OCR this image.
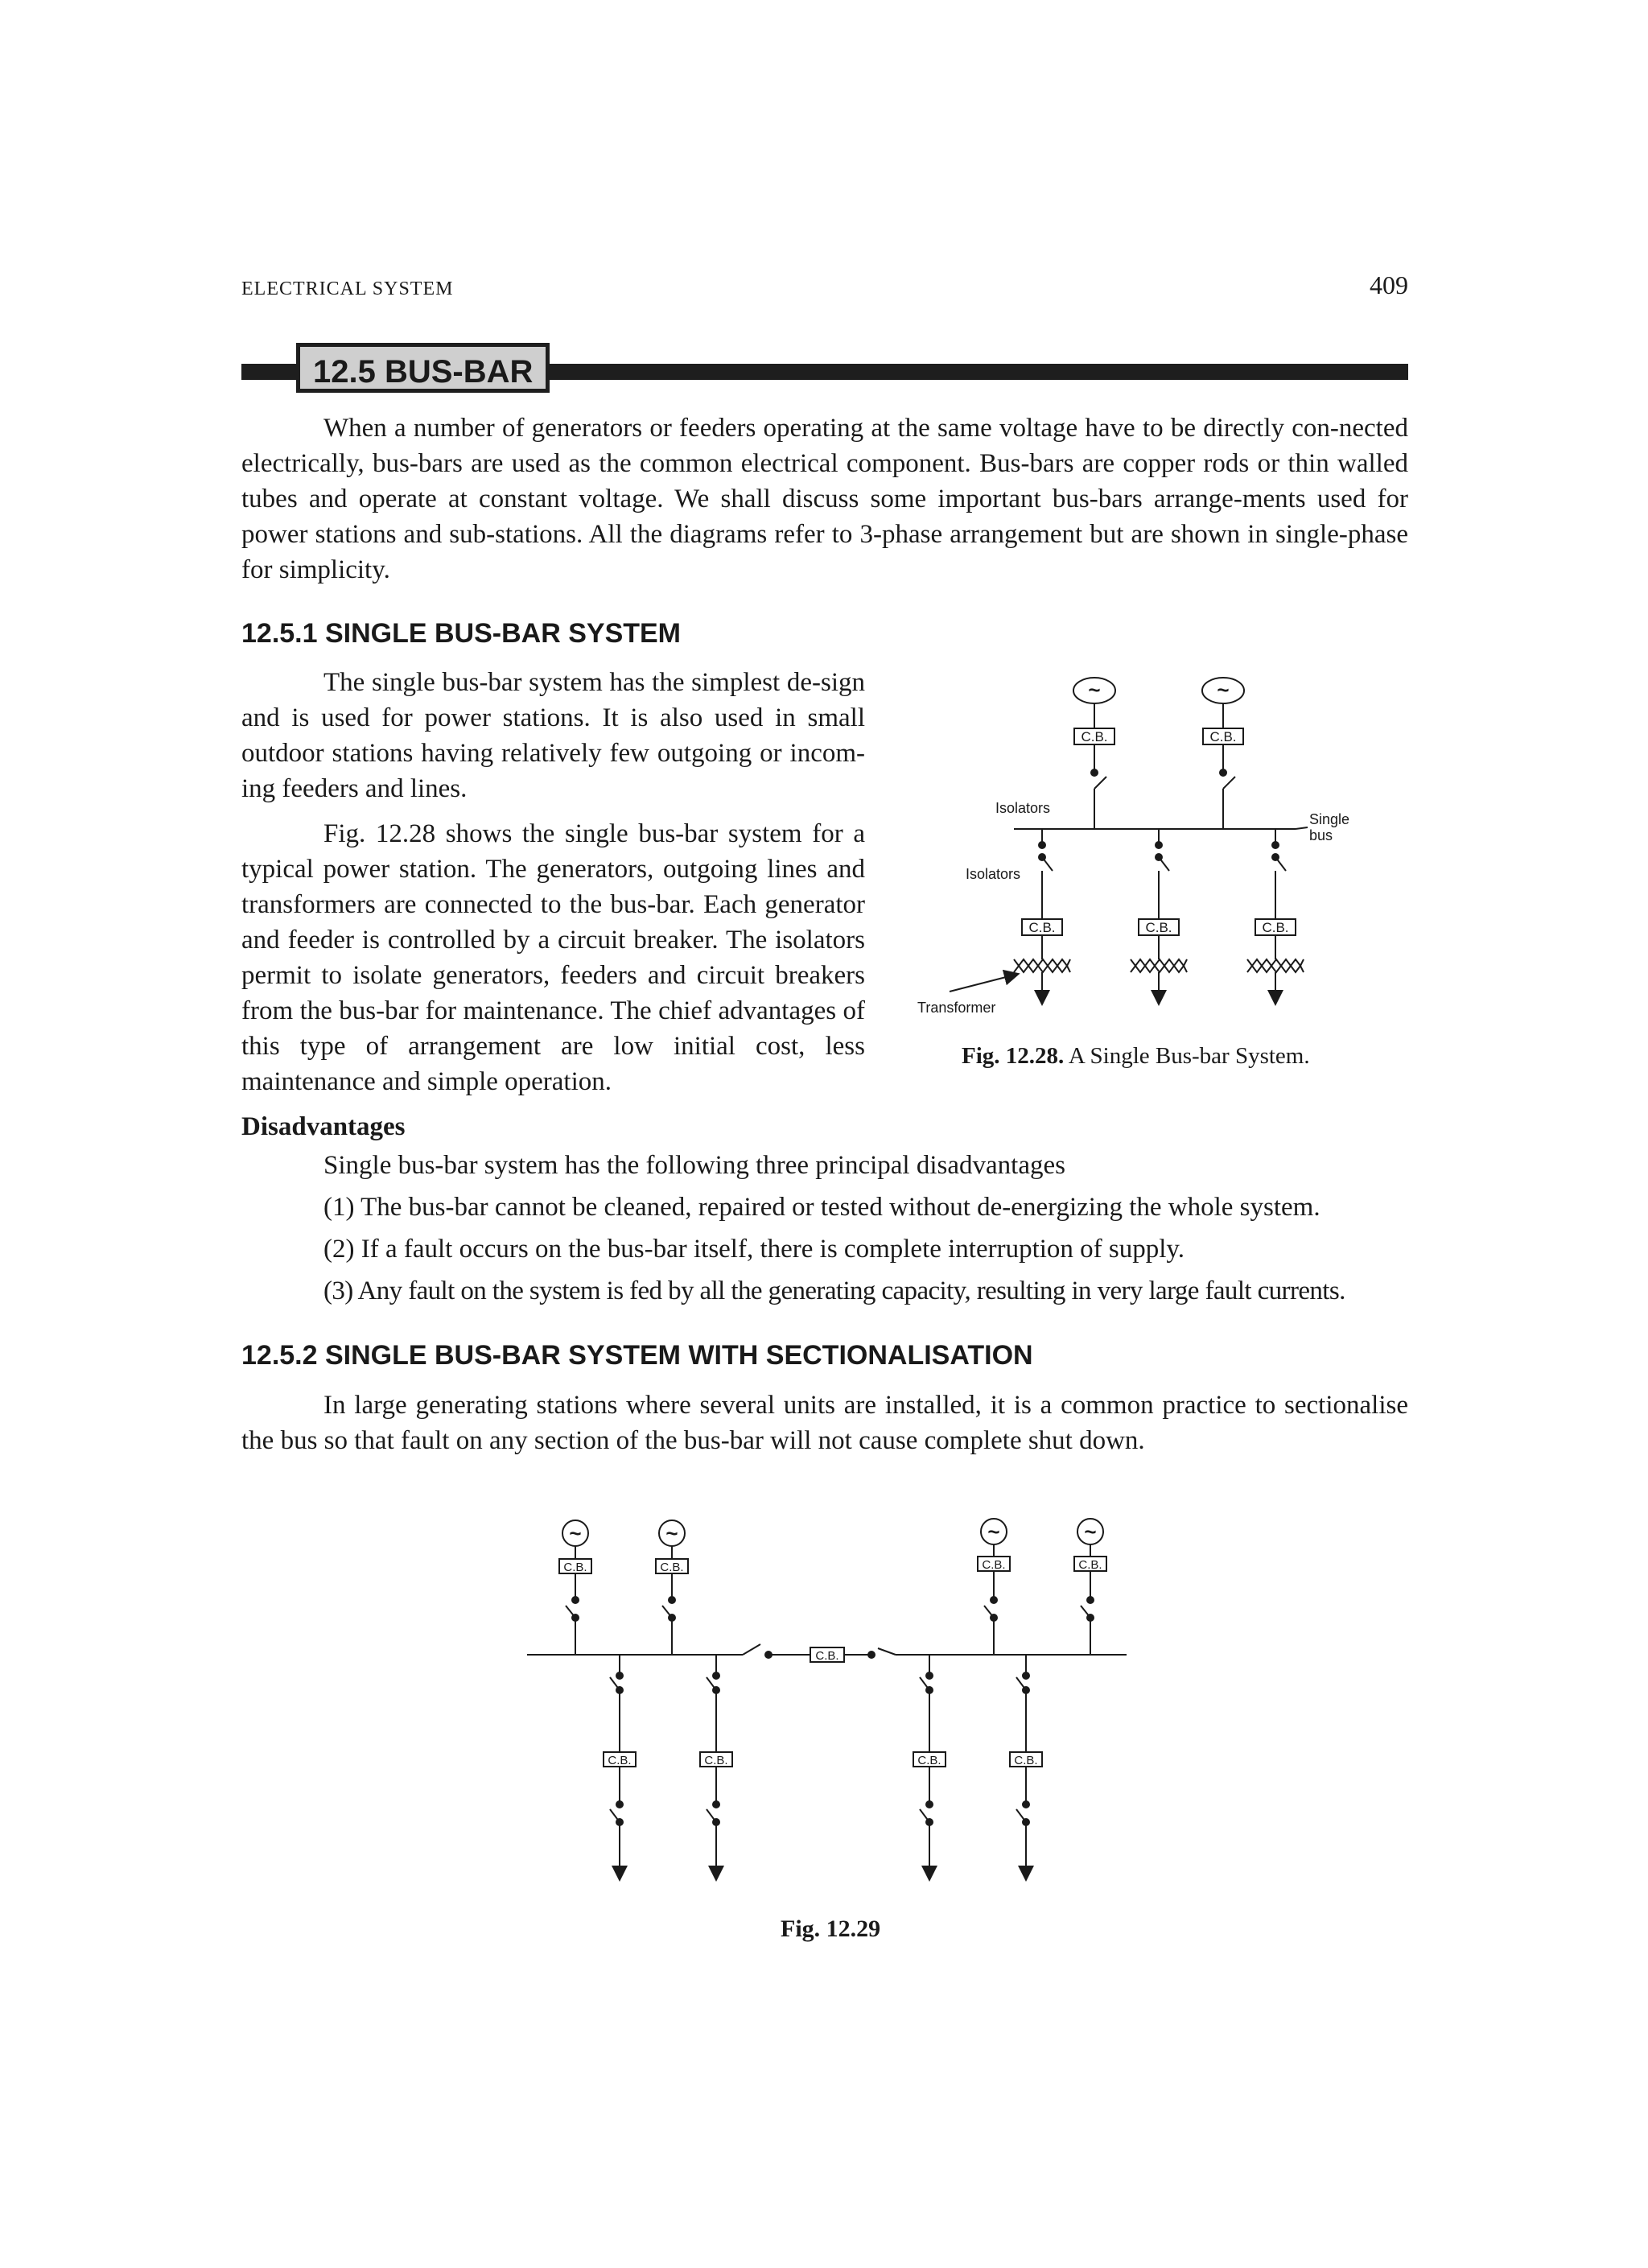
ELECTRICAL SYSTEM	409
12.5 BUS-BAR

When a number of generators or feeders operating at the same voltage have to be directly con-nected electrically, bus-bars are used as the common electrical component. Bus-bars are copper rods or thin walled tubes and operate at constant voltage. We shall discuss some important bus-bars arrange-ments used for power stations and sub-stations. All the diagrams refer to 3-phase arrangement but are shown in single-phase for simplicity.

12.5.1 SINGLE BUS-BAR SYSTEM

The single bus-bar system has the simplest de-sign and is used for power stations. It is also used in small outdoor stations having relatively few outgoing or incom-ing feeders and lines.

Fig. 12.28 shows the single bus-bar system for a typical power station. The generators, outgoing lines and transformers are connected to the bus-bar. Each generator and feeder is controlled by a circuit breaker. The isolators permit to isolate generators, feeders and circuit breakers from the bus-bar for maintenance. The chief advantages of this type of arrangement are low initial cost, less maintenance and simple operation.

~	~
C.B.	C.B.
C.B.	C.B.	C.B.
Isolators
Isolators
Single
bus
Transformer
Fig. 12.28. A Single Bus-bar System.
Disadvantages
Single bus-bar system has the following three principal disadvantages
(1) The bus-bar cannot be cleaned, repaired or tested without de-energizing the whole system.
(2) If a fault occurs on the bus-bar itself, there is complete interruption of supply.
(3) Any fault on the system is fed by all the generating capacity, resulting in very large fault currents.
12.5.2 SINGLE BUS-BAR SYSTEM WITH SECTIONALISATION

In large generating stations where several units are installed, it is a common practice to sectionalise the bus so that fault on any section of the bus-bar will not cause complete shut down.

~	~	~	~
C.B.	C.B.	C.B.	C.B.
C.B.
C.B.	C.B.	C.B.	C.B.
Fig. 12.29
